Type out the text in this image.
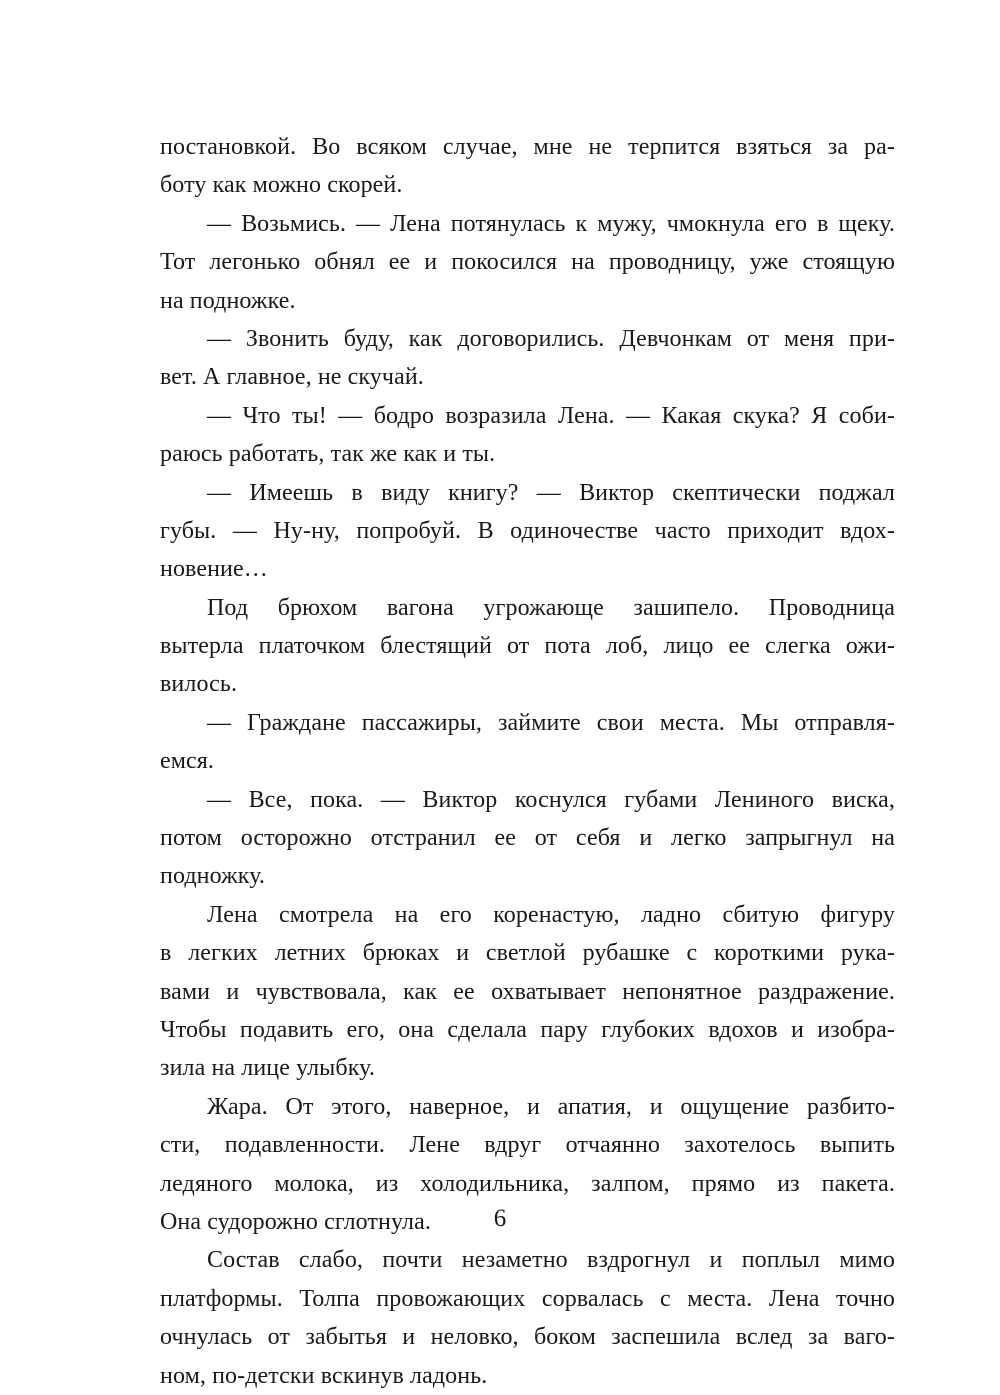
постановкой. Во всяком случае, мне не терпится взяться за ра-
боту как можно скорей.
— Возьмись. — Лена потянулась к мужу, чмокнула его в щеку.
Тот легонько обнял ее и покосился на проводницу, уже стоящую
на подножке.
— Звонить буду, как договорились. Девчонкам от меня при-
вет. А главное, не скучай.
— Что ты! — бодро возразила Лена. — Какая скука? Я соби-
раюсь работать, так же как и ты.
— Имеешь в виду книгу? — Виктор скептически поджал
губы. — Ну-ну, попробуй. В одиночестве часто приходит вдох-
новение…
Под брюхом вагона угрожающе зашипело. Проводница
вытерла платочком блестящий от пота лоб, лицо ее слегка ожи-
вилось.
— Граждане пассажиры, займите свои места. Мы отправля-
емся.
— Все, пока. — Виктор коснулся губами Лениного виска,
потом осторожно отстранил ее от себя и легко запрыгнул на
подножку.
Лена смотрела на его коренастую, ладно сбитую фигуру
в легких летних брюках и светлой рубашке с короткими рука-
вами и чувствовала, как ее охватывает непонятное раздражение.
Чтобы подавить его, она сделала пару глубоких вдохов и изобра-
зила на лице улыбку.
Жара. От этого, наверное, и апатия, и ощущение разбито-
сти, подавленности. Лене вдруг отчаянно захотелось выпить
ледяного молока, из холодильника, залпом, прямо из пакета.
Она судорожно сглотнула.
Состав слабо, почти незаметно вздрогнул и поплыл мимо
платформы. Толпа провожающих сорвалась с места. Лена точно
очнулась от забытья и неловко, боком заспешила вслед за ваго-
ном, по-детски вскинув ладонь.
6
